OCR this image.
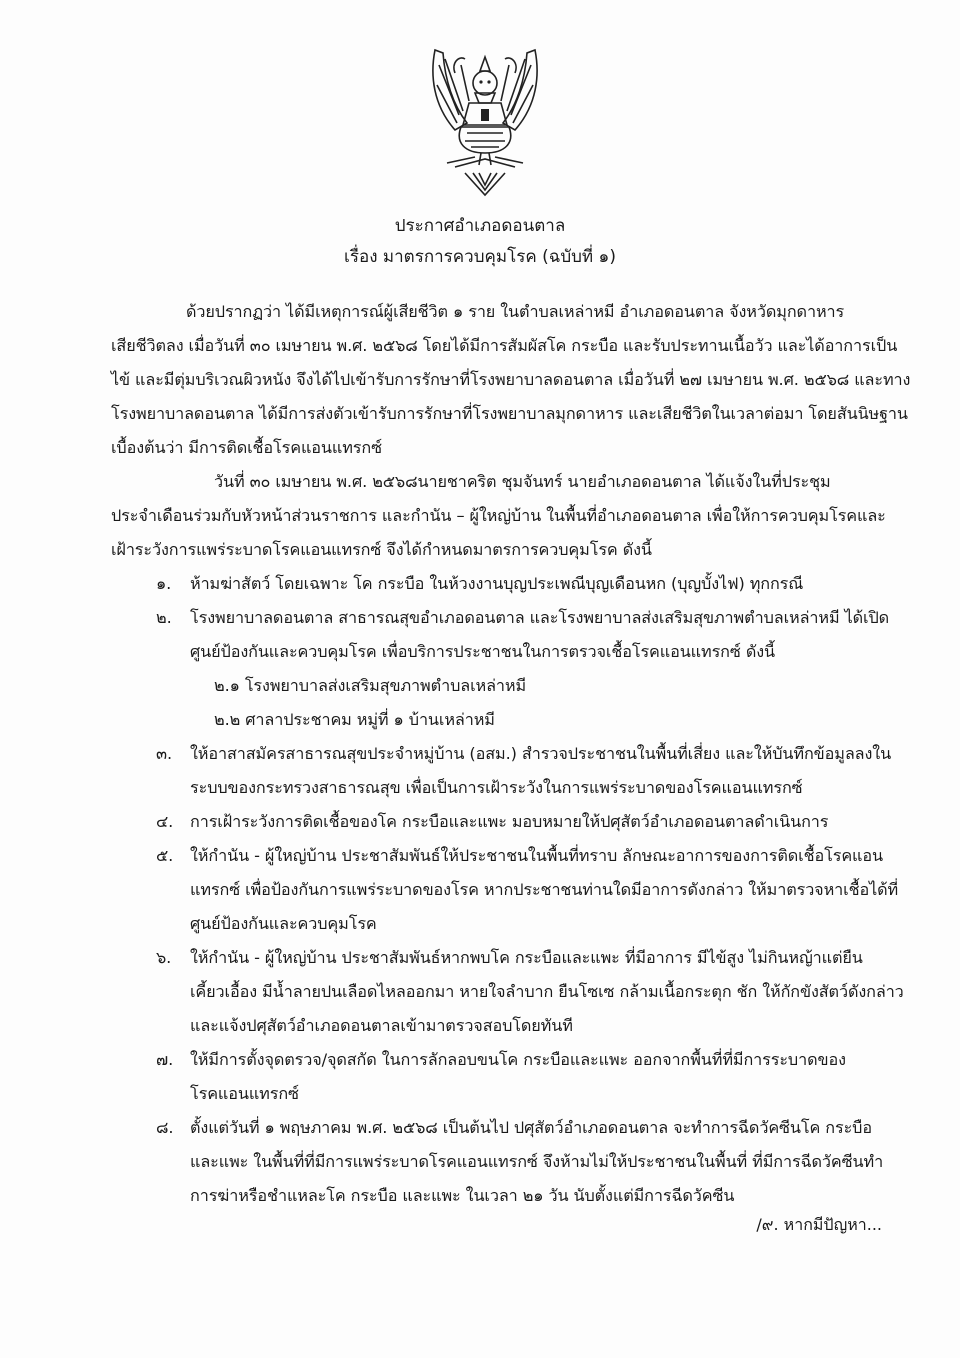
ประกาศอำเภอดอนตาล
เรื่อง มาตรการควบคุมโรค (ฉบับที่ ๑)
ด้วยปรากฏว่า ได้มีเหตุการณ์ผู้เสียชีวิต ๑ ราย ในตำบลเหล่าหมี อำเภอดอนตาล จังหวัดมุกดาหาร
เสียชีวิตลง เมื่อวันที่ ๓๐ เมษายน พ.ศ. ๒๕๖๘ โดยได้มีการสัมผัสโค กระบือ และรับประทานเนื้อวัว และได้อาการเป็น
ไข้ และมีตุ่มบริเวณผิวหนัง จึงได้ไปเข้ารับการรักษาที่โรงพยาบาลดอนตาล เมื่อวันที่ ๒๗ เมษายน พ.ศ. ๒๕๖๘ และทาง
โรงพยาบาลดอนตาล ได้มีการส่งตัวเข้ารับการรักษาที่โรงพยาบาลมุกดาหาร และเสียชีวิตในเวลาต่อมา โดยสันนิษฐาน
เบื้องต้นว่า มีการติดเชื้อโรคแอนแทรกซ์
วันที่ ๓๐ เมษายน พ.ศ. ๒๕๖๘นายชาคริต ชุมจันทร์ นายอำเภอดอนตาล ได้แจ้งในที่ประชุม
ประจำเดือนร่วมกับหัวหน้าส่วนราชการ และกำนัน – ผู้ใหญ่บ้าน ในพื้นที่อำเภอดอนตาล เพื่อให้การควบคุมโรคและ
เฝ้าระวังการแพร่ระบาดโรคแอนแทรกซ์ จึงได้กำหนดมาตรการควบคุมโรค ดังนี้
๑. ห้ามฆ่าสัตว์ โดยเฉพาะ โค กระบือ ในห้วงงานบุญประเพณีบุญเดือนหก (บุญบั้งไฟ) ทุกกรณี
๒. โรงพยาบาลดอนตาล สาธารณสุขอำเภอดอนตาล และโรงพยาบาลส่งเสริมสุขภาพตำบลเหล่าหมี ได้เปิด
ศูนย์ป้องกันและควบคุมโรค เพื่อบริการประชาชนในการตรวจเชื้อโรคแอนแทรกซ์ ดังนี้
๒.๑ โรงพยาบาลส่งเสริมสุขภาพตำบลเหล่าหมี
๒.๒ ศาลาประชาคม หมู่ที่ ๑ บ้านเหล่าหมี
๓. ให้อาสาสมัครสาธารณสุขประจำหมู่บ้าน (อสม.) สำรวจประชาชนในพื้นที่เสี่ยง และให้บันทึกข้อมูลลงใน
ระบบของกระทรวงสาธารณสุข เพื่อเป็นการเฝ้าระวังในการแพร่ระบาดของโรคแอนแทรกซ์
๔. การเฝ้าระวังการติดเชื้อของโค กระบือและแพะ มอบหมายให้ปศุสัตว์อำเภอดอนตาลดำเนินการ
๕. ให้กำนัน - ผู้ใหญ่บ้าน ประชาสัมพันธ์ให้ประชาชนในพื้นที่ทราบ ลักษณะอาการของการติดเชื้อโรคแอน
แทรกซ์ เพื่อป้องกันการแพร่ระบาดของโรค หากประชาชนท่านใดมีอาการดังกล่าว ให้มาตรวจหาเชื้อได้ที่
ศูนย์ป้องกันและควบคุมโรค
๖. ให้กำนัน - ผู้ใหญ่บ้าน ประชาสัมพันธ์หากพบโค กระบือและแพะ ที่มีอาการ มีไข้สูง ไม่กินหญ้าแต่ยืน
เคี้ยวเอื้อง มีน้ำลายปนเลือดไหลออกมา หายใจลำบาก ยืนโซเซ กล้ามเนื้อกระตุก ชัก ให้กักขังสัตว์ดังกล่าว
และแจ้งปศุสัตว์อำเภอดอนตาลเข้ามาตรวจสอบโดยทันที
๗. ให้มีการตั้งจุดตรวจ/จุดสกัด ในการลักลอบขนโค กระบือและแพะ ออกจากพื้นที่ที่มีการระบาดของ
โรคแอนแทรกซ์
๘. ตั้งแต่วันที่ ๑ พฤษภาคม พ.ศ. ๒๕๖๘ เป็นต้นไป ปศุสัตว์อำเภอดอนตาล จะทำการฉีดวัคซีนโค กระบือ
และแพะ ในพื้นที่ที่มีการแพร่ระบาดโรคแอนแทรกซ์ จึงห้ามไม่ให้ประชาชนในพื้นที่ ที่มีการฉีดวัคซีนทำ
การฆ่าหรือชำแหละโค กระบือ และแพะ ในเวลา ๒๑ วัน นับตั้งแต่มีการฉีดวัคซีน
/๙. หากมีปัญหา...
